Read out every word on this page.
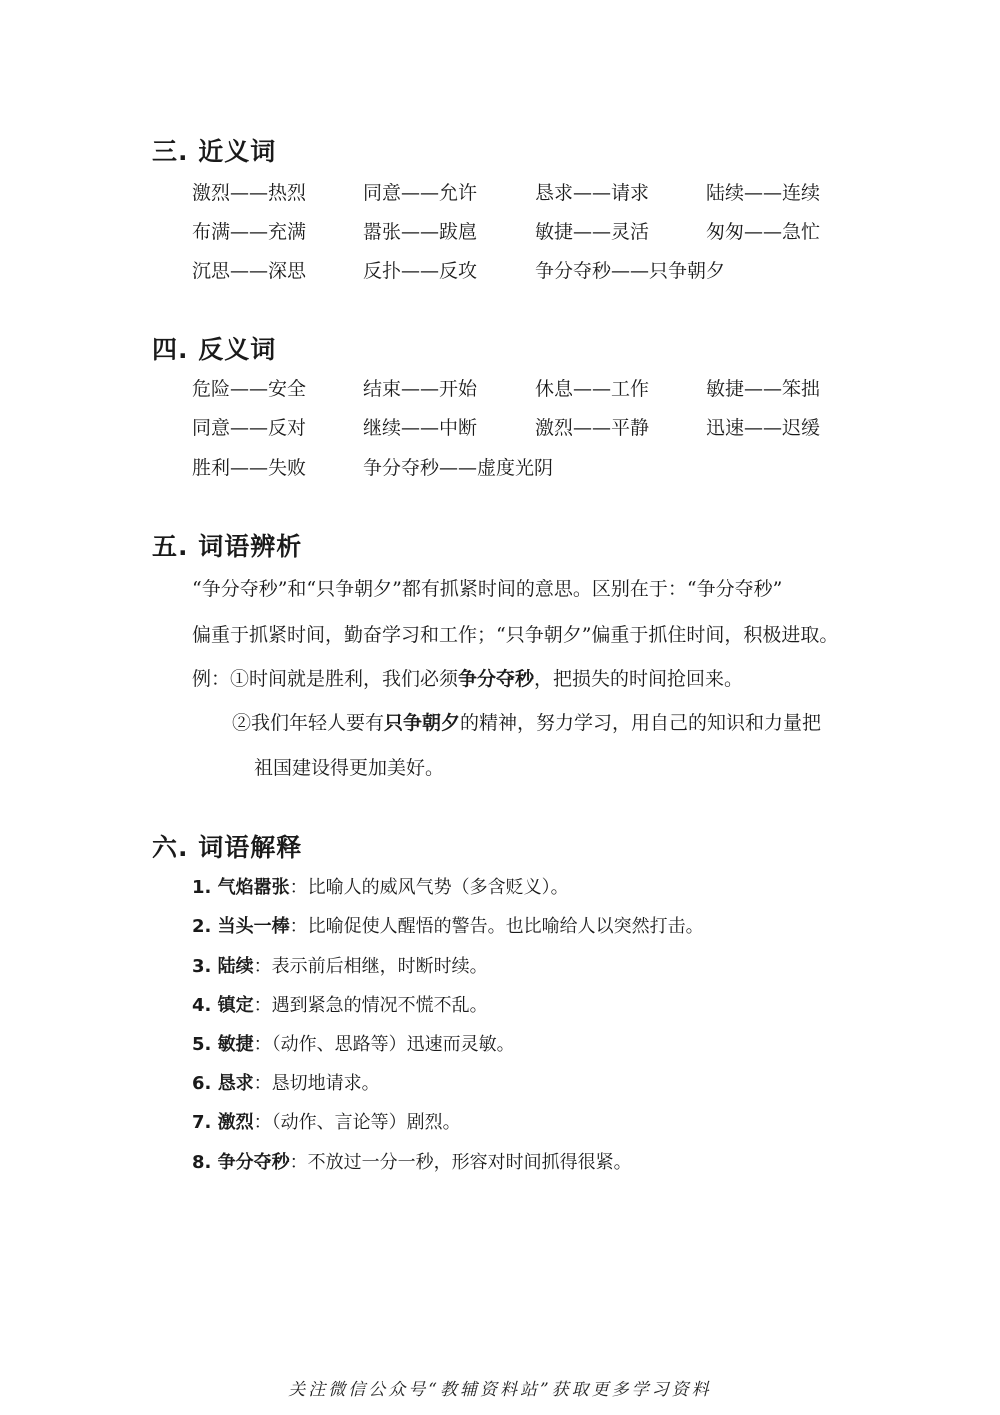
三. 近义词
激烈——热烈	同意——允许	恳求——请求	陆续——连续
布满——充满	嚣张——跋扈	敏捷——灵活	匆匆——急忙
沉思——深思	反扑——反攻	争分夺秒——只争朝夕
四. 反义词
危险——安全	结束——开始	休息——工作	敏捷——笨拙
同意——反对	继续——中断	激烈——平静	迅速——迟缓
胜利——失败	争分夺秒——虚度光阴
五. 词语辨析
“争分夺秒”和“只争朝夕”都有抓紧时间的意思。区别在于：“争分夺秒”
偏重于抓紧时间，勤奋学习和工作；“只争朝夕”偏重于抓住时间，积极进取。
例：①时间就是胜利，我们必须争分夺秒，把损失的时间抢回来。
②我们年轻人要有只争朝夕的精神，努力学习，用自己的知识和力量把
祖国建设得更加美好。
六. 词语解释
1. 气焰嚣张：比喻人的威风气势（多含贬义）。
2. 当头一棒：比喻促使人醒悟的警告。也比喻给人以突然打击。
3. 陆续：表示前后相继，时断时续。
4. 镇定：遇到紧急的情况不慌不乱。
5. 敏捷：（动作、思路等）迅速而灵敏。
6. 恳求：恳切地请求。
7. 激烈：（动作、言论等）剧烈。
8. 争分夺秒：不放过一分一秒，形容对时间抓得很紧。
关注微信公众号“教辅资料站”获取更多学习资料
